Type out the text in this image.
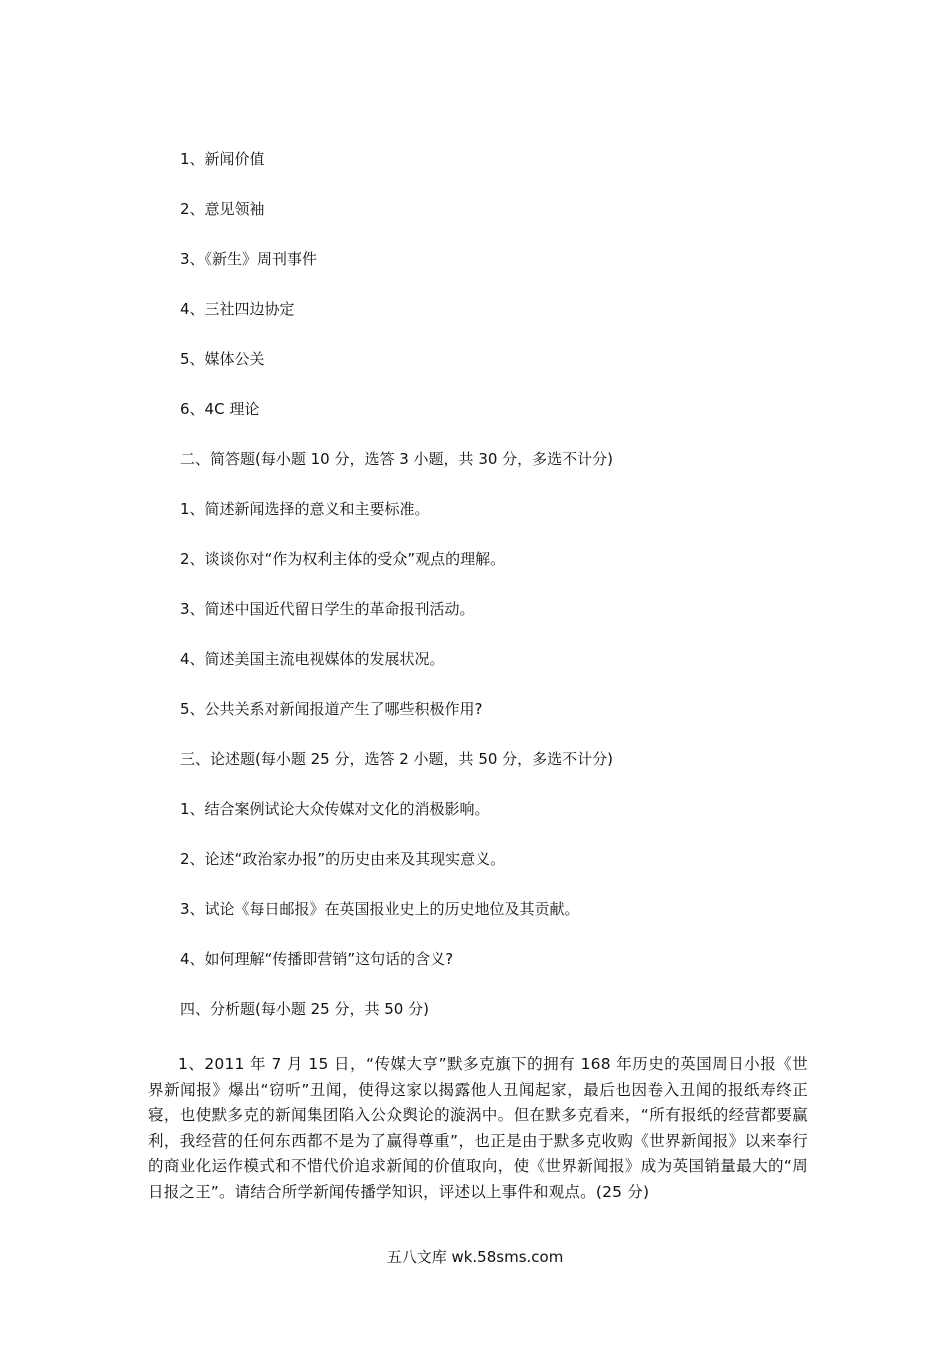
1、新闻价值
2、意见领袖
3、《新生》周刊事件
4、三社四边协定
5、媒体公关
6、4C 理论
二、简答题(每小题 10 分，选答 3 小题，共 30 分，多选不计分)
1、简述新闻选择的意义和主要标准。
2、谈谈你对“作为权利主体的受众”观点的理解。
3、简述中国近代留日学生的革命报刊活动。
4、简述美国主流电视媒体的发展状况。
5、公共关系对新闻报道产生了哪些积极作用?
三、论述题(每小题 25 分，选答 2 小题，共 50 分，多选不计分)
1、结合案例试论大众传媒对文化的消极影响。
2、论述“政治家办报”的历史由来及其现实意义。
3、试论《每日邮报》在英国报业史上的历史地位及其贡献。
4、如何理解“传播即营销”这句话的含义?
四、分析题(每小题 25 分，共 50 分)
1、2011 年 7 月 15 日，“传媒大亨”默多克旗下的拥有 168 年历史的英国周日小报《世界新闻报》爆出“窃听”丑闻，使得这家以揭露他人丑闻起家，最后也因卷入丑闻的报纸寿终正寝，也使默多克的新闻集团陷入公众舆论的漩涡中。但在默多克看来，“所有报纸的经营都要赢利，我经营的任何东西都不是为了赢得尊重”，也正是由于默多克收购《世界新闻报》以来奉行的商业化运作模式和不惜代价追求新闻的价值取向，使《世界新闻报》成为英国销量最大的“周日报之王”。请结合所学新闻传播学知识，评述以上事件和观点。(25 分)
五八文库 wk.58sms.com
